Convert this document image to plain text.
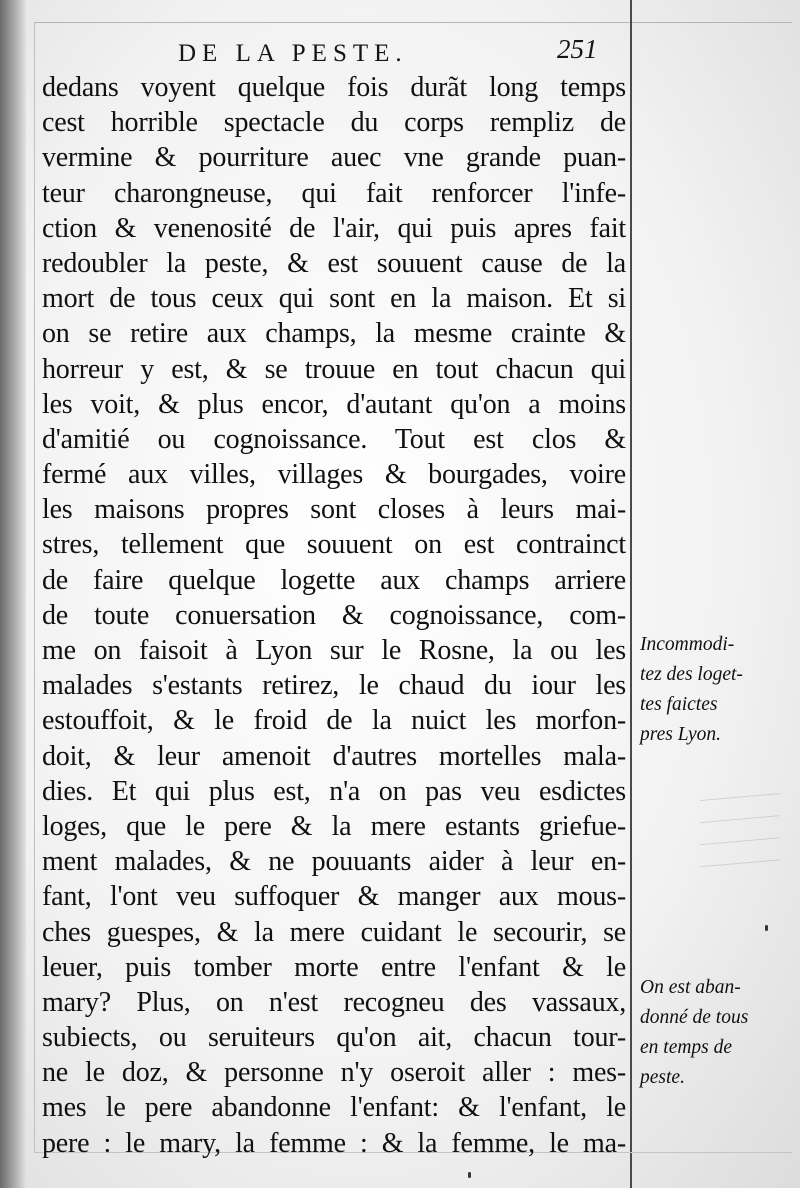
DE LA PESTE.	251
dedans voyent quelque fois durãt long temps
cest horrible spectacle du corps rempliz de
vermine & pourriture auec vne grande puan-
teur charongneuse, qui fait renforcer l'infe-
ction & venenosité de l'air, qui puis apres fait
redoubler la peste, & est souuent cause de la
mort de tous ceux qui sont en la maison. Et si
on se retire aux champs, la mesme crainte &
horreur y est, & se trouue en tout chacun qui
les voit, & plus encor, d'autant qu'on a moins
d'amitié ou cognoissance. Tout est clos &
fermé aux villes, villages & bourgades, voire
les maisons propres sont closes à leurs mai-
stres, tellement que souuent on est contrainct
de faire quelque logette aux champs arriere
de toute conuersation & cognoissance, com-
me on faisoit à Lyon sur le Rosne, la ou les
malades s'estants retirez, le chaud du iour les
estouffoit, & le froid de la nuict les morfon-
doit, & leur amenoit d'autres mortelles mala-
dies. Et qui plus est, n'a on pas veu esdictes
loges, que le pere & la mere estants griefue-
ment malades, & ne pouuants aider à leur en-
fant, l'ont veu suffoquer & manger aux mous-
ches guespes, & la mere cuidant le secourir, se
leuer, puis tomber morte entre l'enfant & le
mary? Plus, on n'est recogneu des vassaux,
subiects, ou seruiteurs qu'on ait, chacun tour-
ne le doz, & personne n'y oseroit aller : mes-
mes le pere abandonne l'enfant: & l'enfant, le
pere : le mary, la femme : & la femme, le ma-
Incommodi-
tez des loget-
tes faictes
pres Lyon.
On est aban-
donné de tous
en temps de
peste.
